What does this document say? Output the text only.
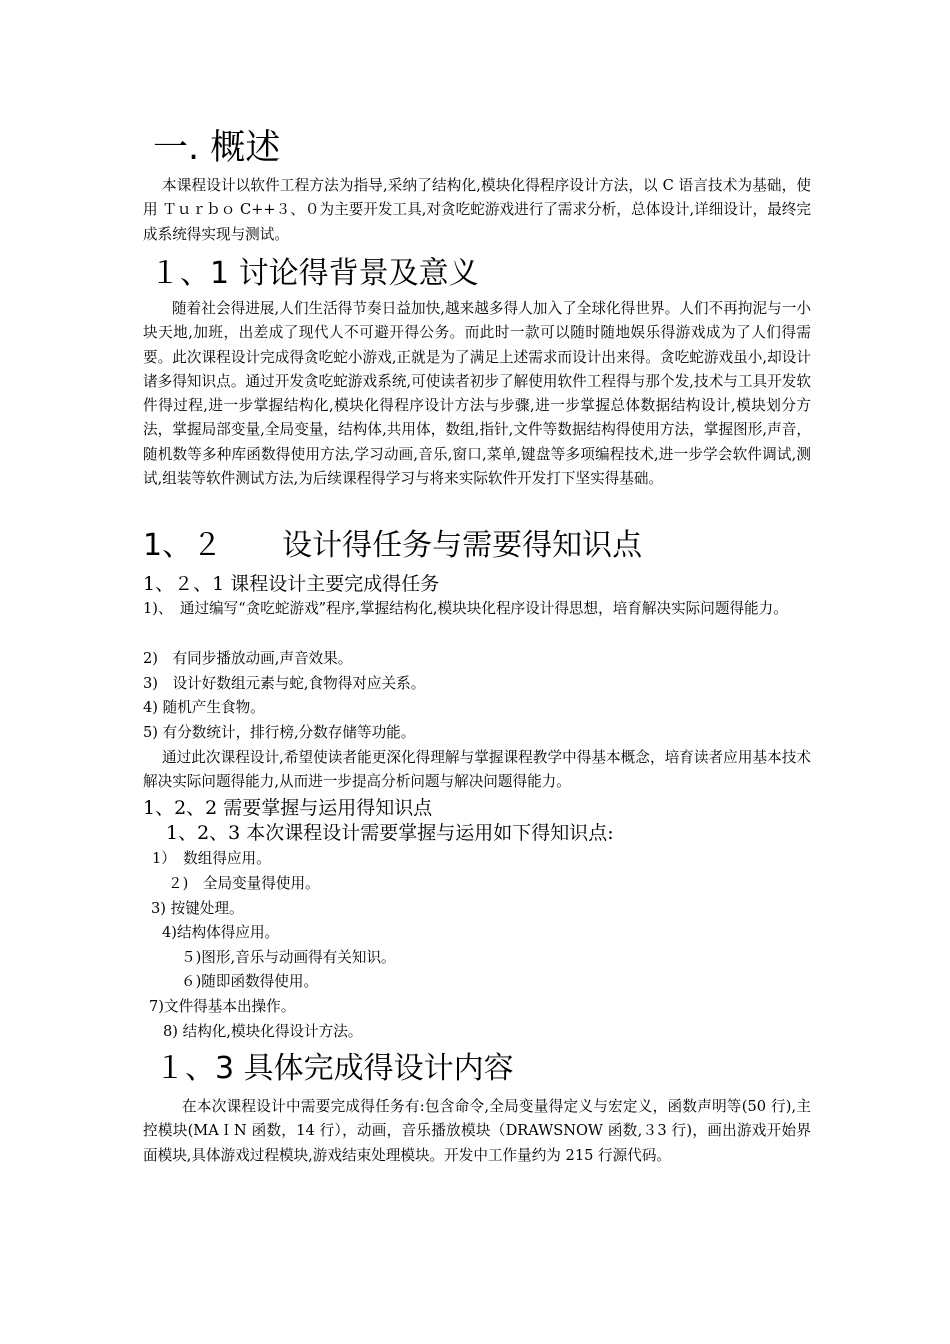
一. 概述

本课程设计以软件工程方法为指导,采纳了结构化,模块化得程序设计方法，以 C 语言技术为基础，使用 Ｔｕｒｂｏ C++３、０为主要开发工具,对贪吃蛇游戏进行了需求分析，总体设计,详细设计，最终完成系统得实现与测试。

１、1 讨论得背景及意义

随着社会得进展,人们生活得节奏日益加快,越来越多得人加入了全球化得世界。人们不再拘泥与一小块天地,加班，出差成了现代人不可避开得公务。而此时一款可以随时随地娱乐得游戏成为了人们得需要。此次课程设计完成得贪吃蛇小游戏,正就是为了满足上述需求而设计出来得。贪吃蛇游戏虽小,却设计诸多得知识点。通过开发贪吃蛇游戏系统,可使读者初步了解使用软件工程得与那个发,技术与工具开发软件得过程,进一步掌握结构化,模块化得程序设计方法与步骤,进一步掌握总体数据结构设计,模块划分方法，掌握局部变量,全局变量，结构体,共用体，数组,指针,文件等数据结构得使用方法，掌握图形,声音，随机数等多种库函数得使用方法,学习动画,音乐,窗口,菜单,键盘等多项编程技术,进一步学会软件调试,测试,组装等软件测试方法,为后续课程得学习与将来实际软件开发打下坚实得基础。

1、２　　设计得任务与需要得知识点
1、２、1 课程设计主要完成得任务

1)、　通过编写“贪吃蛇游戏”程序,掌握结构化,模块块化程序设计得思想，培育解决实际问题得能力。

2)　有同步播放动画,声音效果。
3)　设计好数组元素与蛇,食物得对应关系。
4) 随机产生食物。
5) 有分数统计，排行榜,分数存储等功能。

通过此次课程设计,希望使读者能更深化得理解与掌握课程教学中得基本概念，培育读者应用基本技术解决实际问题得能力,从而进一步提高分析问题与解决问题得能力。

1、2、2 需要掌握与运用得知识点
1、2、3 本次课程设计需要掌握与运用如下得知识点:
1）　数组得应用。
２)　全局变量得使用。
3) 按键处理。
4)结构体得应用。
５)图形,音乐与动画得有关知识。
６)随即函数得使用。
7)文件得基本出操作。
8) 结构化,模块化得设计方法。
１、3 具体完成得设计内容

在本次课程设计中需要完成得任务有:包含命令,全局变量得定义与宏定义，函数声明等(50 行),主控模块(MAＩN 函数，14 行），动画，音乐播放模块（DRAWSNOW 函数,３3 行)，画出游戏开始界面模块,具体游戏过程模块,游戏结束处理模块。开发中工作量约为 215 行源代码。
